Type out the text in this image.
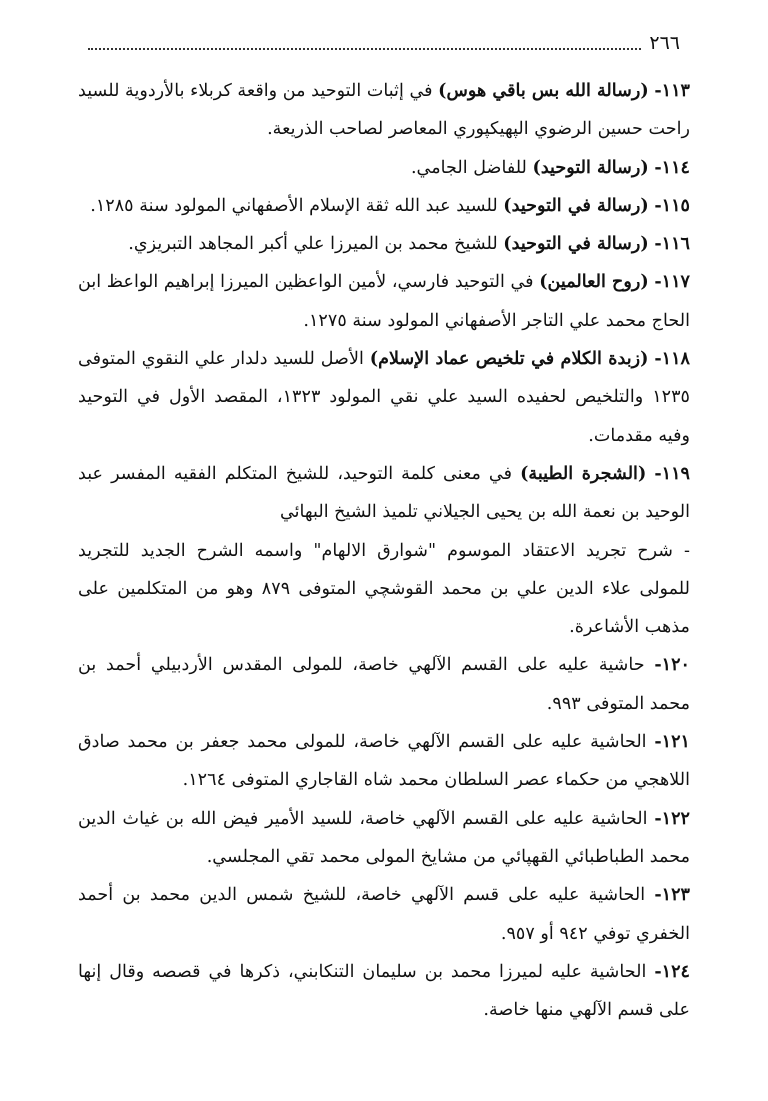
٢٦٦

١١٣- (رسالة الله بس باقي هوس) في إثبات التوحيد من واقعة كربلاء بالأردوية للسيد راحت حسين الرضوي الپهيكپوري المعاصر لصاحب الذريعة.

١١٤- (رسالة التوحيد) للفاضل الجامي.

١١٥- (رسالة في التوحيد) للسيد عبد الله ثقة الإسلام الأصفهاني المولود سنة ١٢٨٥.

١١٦- (رسالة في التوحيد) للشيخ محمد بن الميرزا علي أكبر المجاهد التبريزي.

١١٧- (روح العالمين) في التوحيد فارسي، لأمين الواعظين الميرزا إبراهيم الواعظ ابن الحاج محمد علي التاجر الأصفهاني المولود سنة ١٢٧٥.

١١٨- (زبدة الكلام في تلخيص عماد الإسلام) الأصل للسيد دلدار علي النقوي المتوفى ١٢٣٥ والتلخيص لحفيده السيد علي نقي المولود ١٣٢٣، المقصد الأول في التوحيد وفيه مقدمات.

١١٩- (الشجرة الطيبة) في معنى كلمة التوحيد، للشيخ المتكلم الفقيه المفسر عبد الوحيد بن نعمة الله بن يحيى الجيلاني تلميذ الشيخ البهائي

- شرح تجريد الاعتقاد الموسوم "شوارق الالهام" واسمه الشرح الجديد للتجريد للمولى علاء الدين علي بن محمد القوشچي المتوفى ٨٧٩ وهو من المتكلمين على مذهب الأشاعرة.

١٢٠- حاشية عليه على القسم الآلهي خاصة، للمولى المقدس الأردبيلي أحمد بن محمد المتوفى ٩٩٣.

١٢١- الحاشية عليه على القسم الآلهي خاصة، للمولى محمد جعفر بن محمد صادق اللاهجي من حكماء عصر السلطان محمد شاه القاجاري المتوفى ١٢٦٤.

١٢٢- الحاشية عليه على القسم الآلهي خاصة، للسيد الأمير فيض الله بن غياث الدين محمد الطباطبائي القهپائي من مشايخ المولى محمد تقي المجلسي.

١٢٣- الحاشية عليه على قسم الآلهي خاصة، للشيخ شمس الدين محمد بن أحمد الخفري توفي ٩٤٢ أو ٩٥٧.

١٢٤- الحاشية عليه لميرزا محمد بن سليمان التنكابني، ذكرها في قصصه وقال إنها على قسم الآلهي منها خاصة.
